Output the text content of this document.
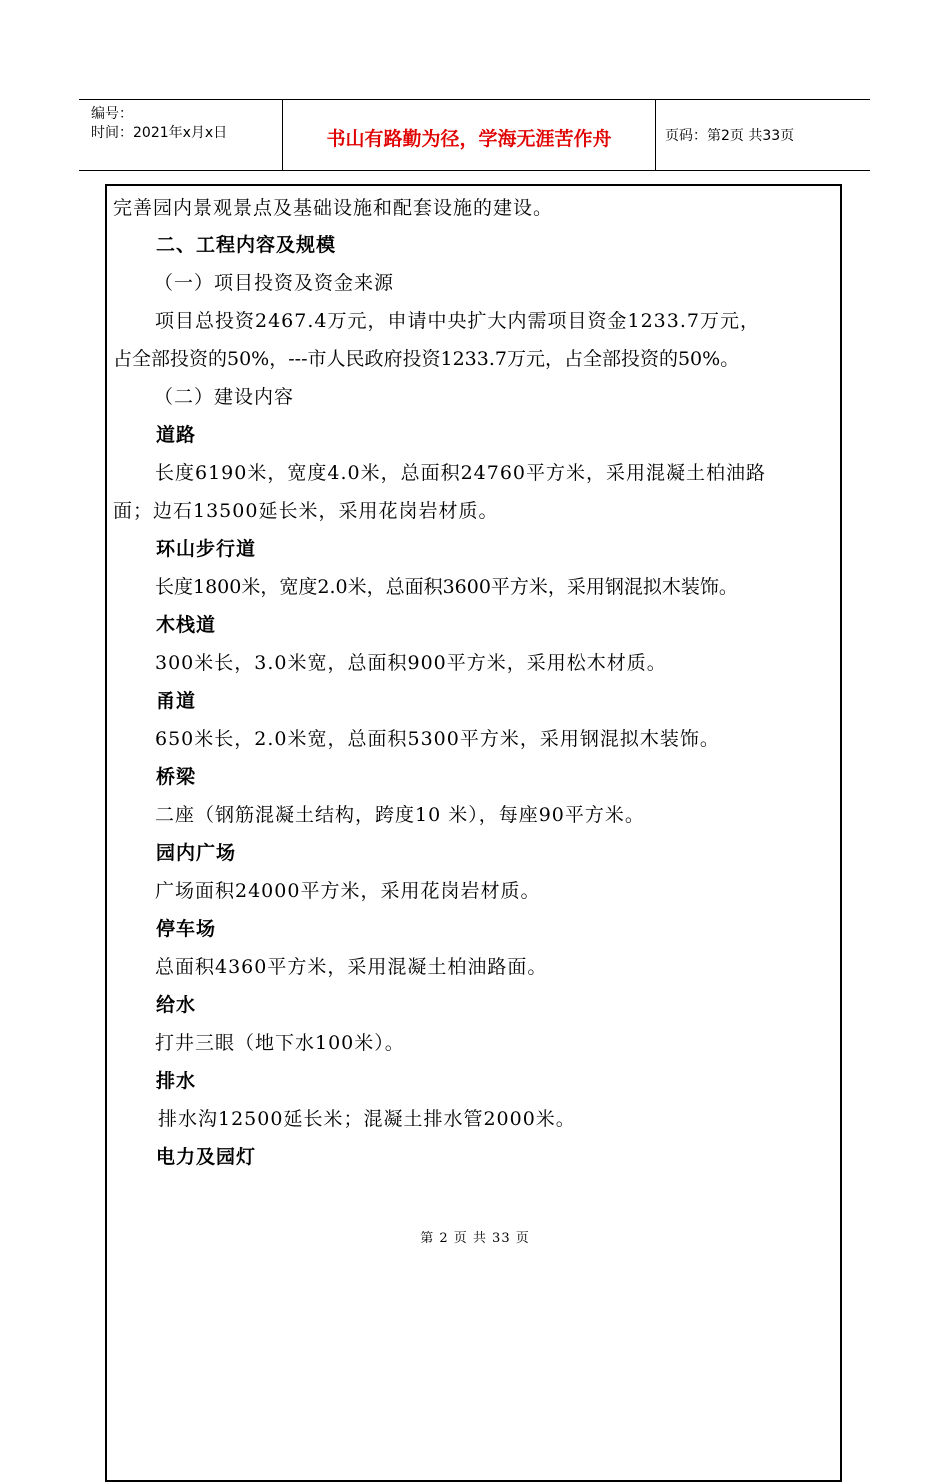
编号：
时间：2021年x月x日	书山有路勤为径，学海无涯苦作舟	页码：第2页 共33页
完善园内景观景点及基础设施和配套设施的建设。
二、工程内容及规模
（一）项目投资及资金来源
项目总投资2467.4万元，申请中央扩大内需项目资金1233.7万元，
占全部投资的50%，---市人民政府投资1233.7万元，占全部投资的50%。
（二）建设内容
道路
长度6190米，宽度4.0米，总面积24760平方米，采用混凝土柏油路
面；边石13500延长米，采用花岗岩材质。
环山步行道
长度1800米，宽度2.0米，总面积3600平方米，采用钢混拟木装饰。
木栈道
300米长，3.0米宽，总面积900平方米，采用松木材质。
甬道
650米长，2.0米宽，总面积5300平方米，采用钢混拟木装饰。
桥梁
二座（钢筋混凝土结构，跨度10 米），每座90平方米。
园内广场
广场面积24000平方米，采用花岗岩材质。
停车场
总面积4360平方米，采用混凝土柏油路面。
给水
打井三眼（地下水100米）。
排水
排水沟12500延长米；混凝土排水管2000米。
电力及园灯
第 2 页 共 33 页
